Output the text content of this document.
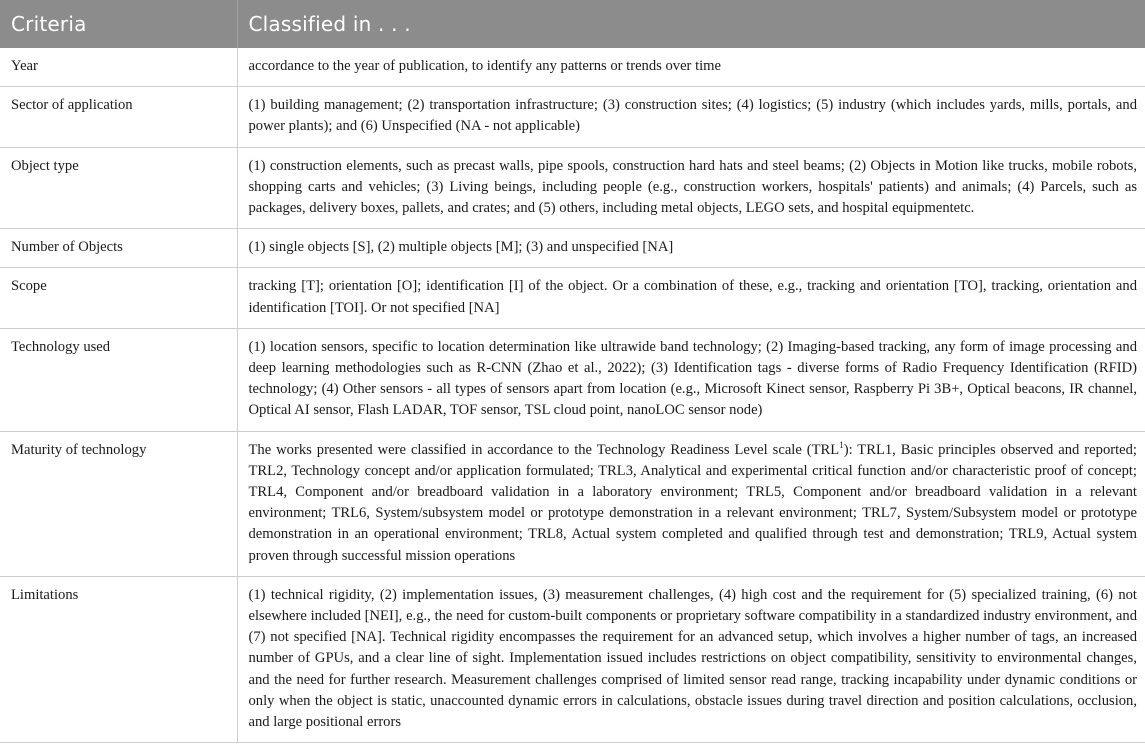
Criteria	Classified in . . .
Year	accordance to the year of publication, to identify any patterns or trends over time
Sector of application	(1) building management; (2) transportation infrastructure; (3) construction sites; (4) logistics; (5) industry (which includes yards, mills, portals, and power plants); and (6) Unspecified (NA - not applicable)
Object type	(1) construction elements, such as precast walls, pipe spools, construction hard hats and steel beams; (2) Objects in Motion like trucks, mobile robots, shopping carts and vehicles; (3) Living beings, including people (e.g., construction workers, hospitals' patients) and animals; (4) Parcels, such as packages, delivery boxes, pallets, and crates; and (5) others, including metal objects, LEGO sets, and hospital equipmentetc.
Number of Objects	(1) single objects [S], (2) multiple objects [M]; (3) and unspecified [NA]
Scope	tracking [T]; orientation [O]; identification [I] of the object. Or a combination of these, e.g., tracking and orientation [TO], tracking, orientation and identification [TOI]. Or not specified [NA]
Technology used	(1) location sensors, specific to location determination like ultrawide band technology; (2) Imaging-based tracking, any form of image processing and deep learning methodologies such as R-CNN (Zhao et al., 2022); (3) Identification tags - diverse forms of Radio Frequency Identification (RFID) technology; (4) Other sensors - all types of sensors apart from location (e.g., Microsoft Kinect sensor, Raspberry Pi 3B+, Optical beacons, IR channel, Optical AI sensor, Flash LADAR, TOF sensor, TSL cloud point, nanoLOC sensor node)
Maturity of technology	The works presented were classified in accordance to the Technology Readiness Level scale (TRL$^1$): TRL1, Basic principles observed and reported; TRL2, Technology concept and/or application formulated; TRL3, Analytical and experimental critical function and/or characteristic proof of concept; TRL4, Component and/or breadboard validation in a laboratory environment; TRL5, Component and/or breadboard validation in a relevant environment; TRL6, System/subsystem model or prototype demonstration in a relevant environment; TRL7, System/Subsystem model or prototype demonstration in an operational environment; TRL8, Actual system completed and qualified through test and demonstration; TRL9, Actual system proven through successful mission operations
Limitations	(1) technical rigidity, (2) implementation issues, (3) measurement challenges, (4) high cost and the requirement for (5) specialized training, (6) not elsewhere included [NEI], e.g., the need for custom-built components or proprietary software compatibility in a standardized industry environment, and (7) not specified [NA]. Technical rigidity encompasses the requirement for an advanced setup, which involves a higher number of tags, an increased number of GPUs, and a clear line of sight. Implementation issued includes restrictions on object compatibility, sensitivity to environmental changes, and the need for further research. Measurement challenges comprised of limited sensor read range, tracking incapability under dynamic conditions or only when the object is static, unaccounted dynamic errors in calculations, obstacle issues during travel direction and position calculations, occlusion, and large positional errors
